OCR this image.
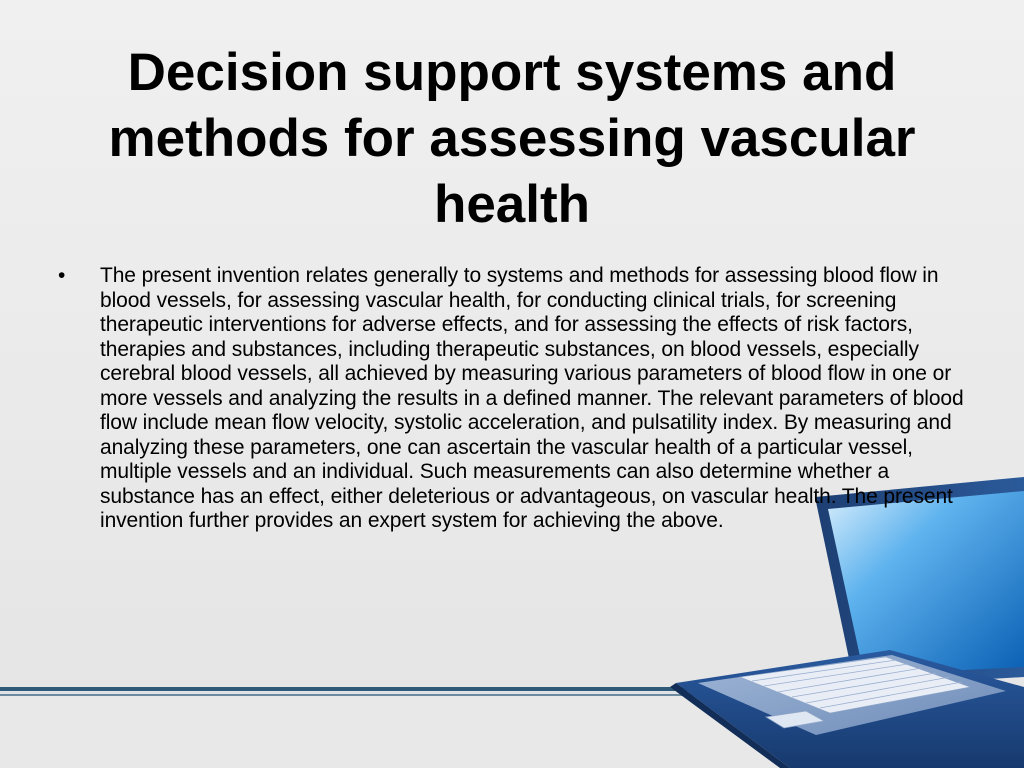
Decision support systems and methods for assessing vascular health
• The present invention relates generally to systems and methods for assessing blood flow in blood vessels, for assessing vascular health, for conducting clinical trials, for screening therapeutic interventions for adverse effects, and for assessing the effects of risk factors, therapies and substances, including therapeutic substances, on blood vessels, especially cerebral blood vessels, all achieved by measuring various parameters of blood flow in one or more vessels and analyzing the results in a defined manner. The relevant parameters of blood flow include mean flow velocity, systolic acceleration, and pulsatility index. By measuring and analyzing these parameters, one can ascertain the vascular health of a particular vessel, multiple vessels and an individual. Such measurements can also determine whether a substance has an effect, either deleterious or advantageous, on vascular health. The present invention further provides an expert system for achieving the above.
